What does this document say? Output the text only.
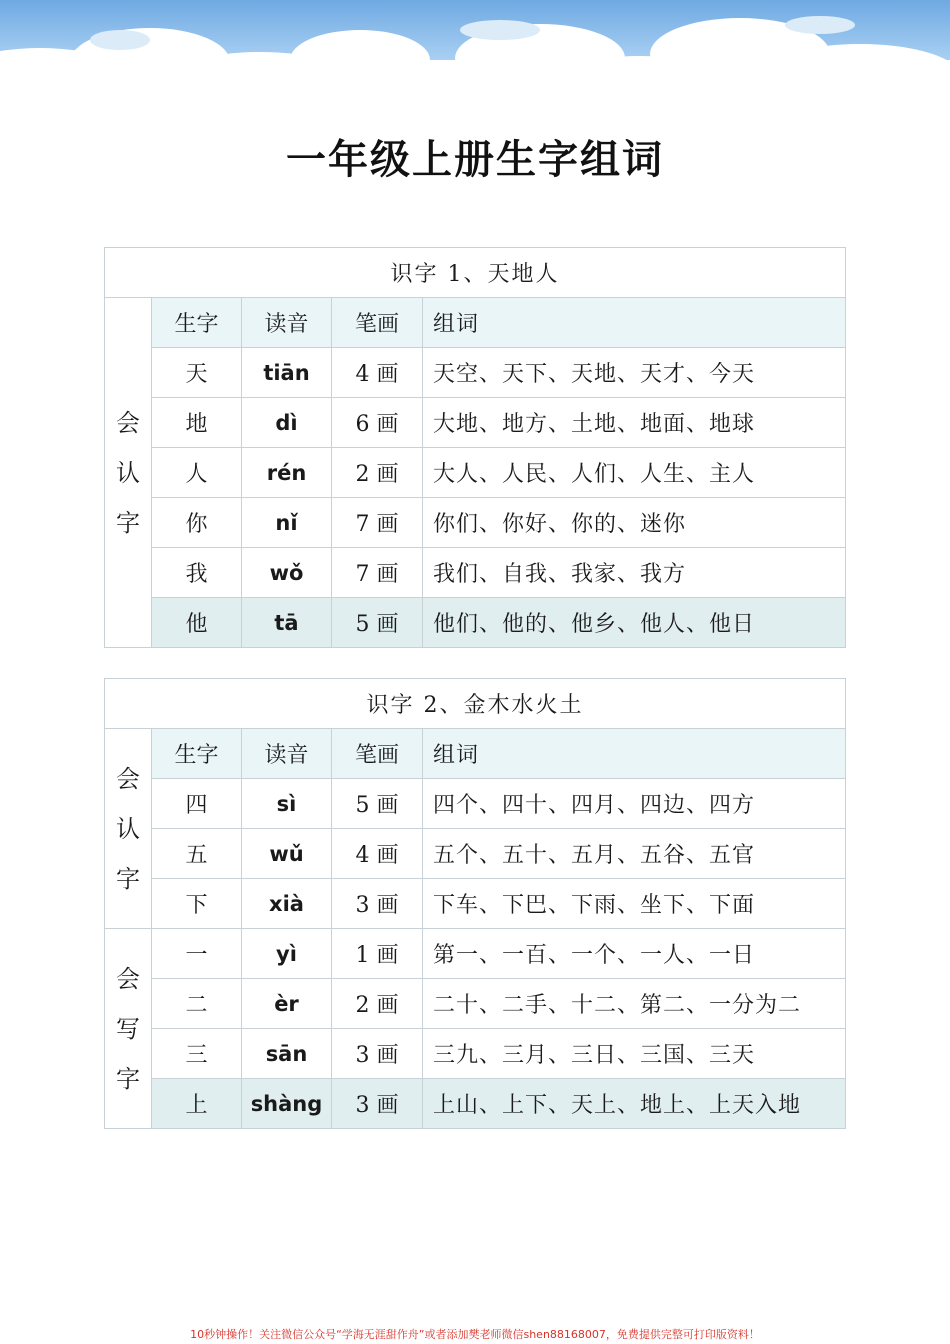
一年级上册生字组词
识字 1、天地人				

会认字	生字	读音	笔画	组词
	天	tiān	4 画	天空、天下、天地、天才、今天
	地	dì	6 画	大地、地方、土地、地面、地球
	人	rén	2 画	大人、人民、人们、人生、主人
	你	nǐ	7 画	你们、你好、你的、迷你
	我	wǒ	7 画	我们、自我、我家、我方
	他	tā	5 画	他们、他的、他乡、他人、他日
识字 2、金木水火土				

会认字	生字	读音	笔画	组词
	四	sì	5 画	四个、四十、四月、四边、四方
	五	wǔ	4 画	五个、五十、五月、五谷、五官
	下	xià	3 画	下车、下巴、下雨、坐下、下面

会写字	一	yì	1 画	第一、一百、一个、一人、一日
	二	èr	2 画	二十、二手、十二、第二、一分为二
	三	sān	3 画	三九、三月、三日、三国、三天
	上	shàng	3 画	上山、上下、天上、地上、上天入地
10秒钟操作！关注微信公众号“学海无涯甜作舟”或者添加樊老师微信shen88168007，免费提供完整可打印版资料！
